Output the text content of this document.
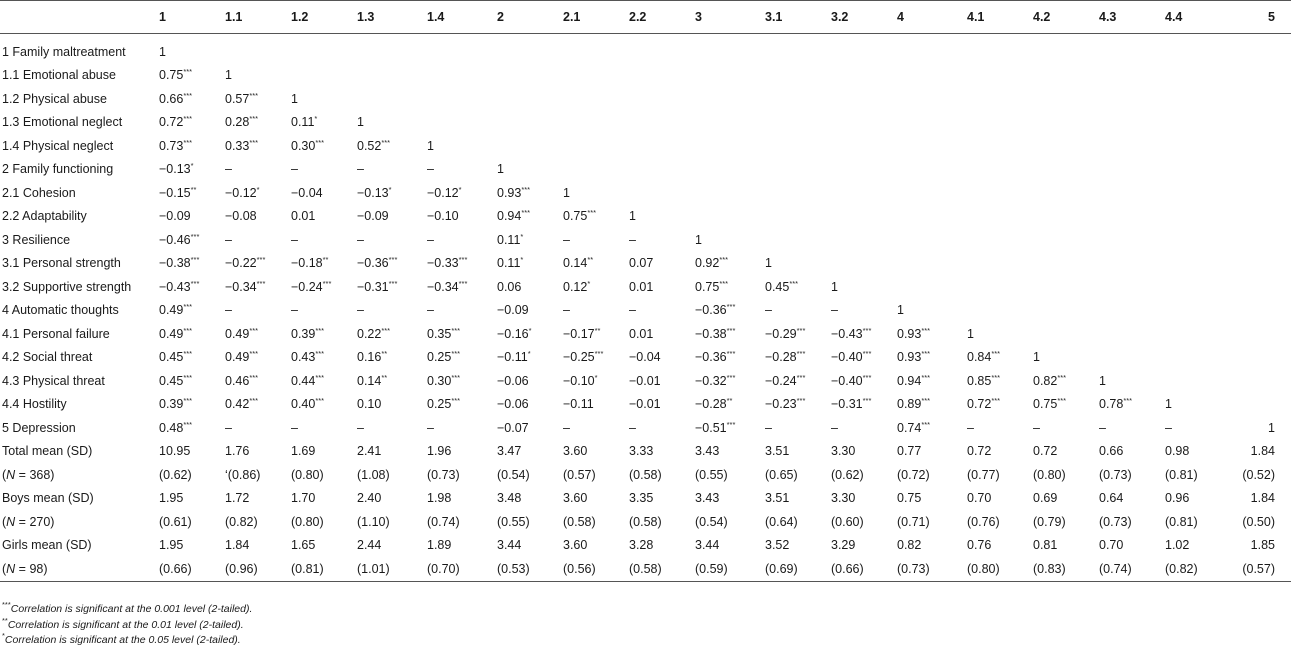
	1	1.1	1.2	1.3	1.4	2	2.1	2.2	3	3.1	3.2	4	4.1	4.2	4.3	4.4	5
1 Family maltreatment	1																
1.1 Emotional abuse	0.75***	1															
1.2 Physical abuse	0.66***	0.57***	1														
1.3 Emotional neglect	0.72***	0.28***	0.11*	1													
1.4 Physical neglect	0.73***	0.33***	0.30***	0.52***	1												
2 Family functioning	−0.13*	–	–	–	–	1											
2.1 Cohesion	−0.15**	−0.12*	−0.04	−0.13*	−0.12*	0.93***	1										
2.2 Adaptability	−0.09	−0.08	0.01	−0.09	−0.10	0.94***	0.75***	1									
3 Resilience	−0.46***	–	–	–	–	0.11*	–	–	1								
3.1 Personal strength	−0.38***	−0.22***	−0.18**	−0.36***	−0.33***	0.11*	0.14**	0.07	0.92***	1							
3.2 Supportive strength	−0.43***	−0.34***	−0.24***	−0.31***	−0.34***	0.06	0.12*	0.01	0.75***	0.45***	1						
4 Automatic thoughts	0.49***	–	–	–	–	−0.09	–	–	−0.36***	–	–	1					
4.1 Personal failure	0.49***	0.49***	0.39***	0.22***	0.35***	−0.16*	−0.17**	0.01	−0.38***	−0.29***	−0.43***	0.93***	1				
4.2 Social threat	0.45***	0.49***	0.43***	0.16**	0.25***	−0.11*	−0.25***	−0.04	−0.36***	−0.28***	−0.40***	0.93***	0.84***	1			
4.3 Physical threat	0.45***	0.46***	0.44***	0.14**	0.30***	−0.06	−0.10*	−0.01	−0.32***	−0.24***	−0.40***	0.94***	0.85***	0.82***	1		
4.4 Hostility	0.39***	0.42***	0.40***	0.10	0.25***	−0.06	−0.11	−0.01	−0.28**	−0.23***	−0.31***	0.89***	0.72***	0.75***	0.78***	1	
5 Depression	0.48***	–	–	–	–	−0.07	–	–	−0.51***	–	–	0.74***	–	–	–	–	1
Total mean (SD)	10.95	1.76	1.69	2.41	1.96	3.47	3.60	3.33	3.43	3.51	3.30	0.77	0.72	0.72	0.66	0.98	1.84
(N = 368)	(0.62)	‘(0.86)	(0.80)	(1.08)	(0.73)	(0.54)	(0.57)	(0.58)	(0.55)	(0.65)	(0.62)	(0.72)	(0.77)	(0.80)	(0.73)	(0.81)	(0.52)
Boys mean (SD)	1.95	1.72	1.70	2.40	1.98	3.48	3.60	3.35	3.43	3.51	3.30	0.75	0.70	0.69	0.64	0.96	1.84
(N = 270)	(0.61)	(0.82)	(0.80)	(1.10)	(0.74)	(0.55)	(0.58)	(0.58)	(0.54)	(0.64)	(0.60)	(0.71)	(0.76)	(0.79)	(0.73)	(0.81)	(0.50)
Girls mean (SD)	1.95	1.84	1.65	2.44	1.89	3.44	3.60	3.28	3.44	3.52	3.29	0.82	0.76	0.81	0.70	1.02	1.85
(N = 98)	(0.66)	(0.96)	(0.81)	(1.01)	(0.70)	(0.53)	(0.56)	(0.58)	(0.59)	(0.69)	(0.66)	(0.73)	(0.80)	(0.83)	(0.74)	(0.82)	(0.57)
***Correlation is significant at the 0.001 level (2-tailed).
**Correlation is significant at the 0.01 level (2-tailed).
*Correlation is significant at the 0.05 level (2-tailed).
